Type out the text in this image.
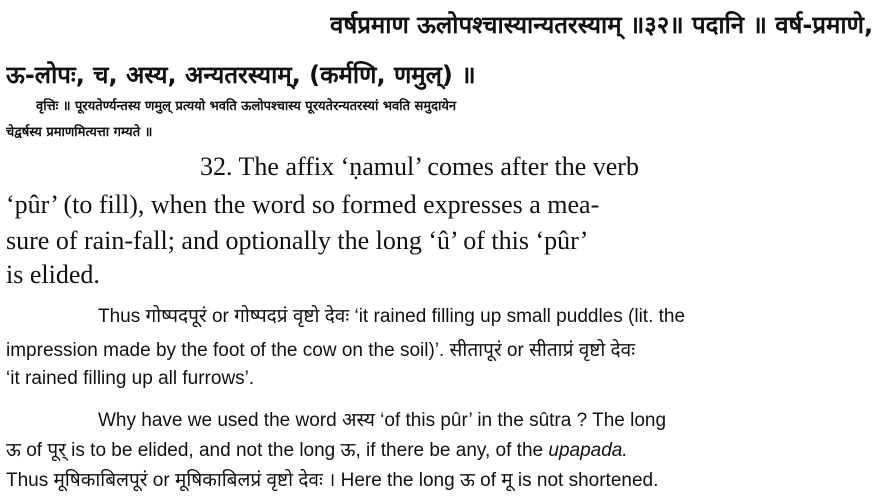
वर्षप्रमाण ऊलोपश्चास्यान्यतरस्याम् ॥३२॥ पदानि ॥ वर्ष-प्रमाणे,
ऊ-लोपः, च, अस्य, अन्यतरस्याम्, (कर्मणि, णमुल्) ॥
वृत्तिः ॥ पूरयतेर्ण्यन्तस्य णमुल् प्रत्ययो भवति ऊलोपश्चास्य पूरयतेरन्यतरस्यां भवति समुदायेन
चेद्वर्षस्य प्रमाणमित्यत्ता गम्यते ॥
32. The affix ‘ṇamul’ comes after the verb
‘pûr’ (to fill), when the word so formed expresses a mea-
sure of rain-fall; and optionally the long ‘û’ of this ‘pûr’
is elided.
Thus गोष्पदपूरं or गोष्पदप्रं वृष्टो देवः ‘it rained filling up small puddles (lit. the
impression made by the foot of the cow on the soil)’. सीतापूरं or सीताप्रं वृष्टो देवः
‘it rained filling up all furrows’.
Why have we used the word अस्य ‘of this pûr’ in the sûtra ? The long
ऊ of पूर् is to be elided, and not the long ऊ, if there be any, of the upapada.
Thus मूषिकाबिलपूरं or मूषिकाबिलप्रं वृष्टो देवः । Here the long ऊ of मू is not shortened.
